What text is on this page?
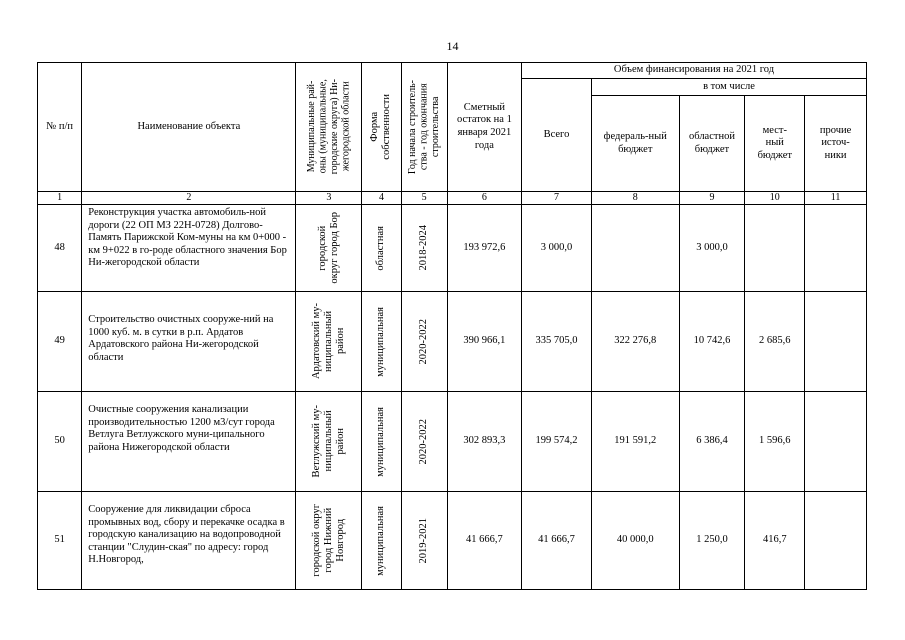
14
№ п/п	Наименование объекта	Муниципальные рай-
оны (муниципальные,
городские округа) Ни-
жегородской области	Форма
собственности	Год начала строитель-
ства - год окончания
строительства	Сметный остаток на 1 января 2021 года	Объем финансирования на 2021 год				
						Всего	в том числе			
							федераль-ный бюджет	областной бюджет	мест-ный бюджет	прочие источ-ники
1	2	3	4	5	6	7	8	9	10	11
48	Реконструкция участка автомобиль-ной дороги (22 ОП МЗ 22Н-0728) Долгово-Память Парижской Ком-муны на км 0+000 - км 9+022 в го-роде областного значения Бор Ни-жегородской области	городской
округ город Бор	областная	2018-2024	193 972,6	3 000,0		3 000,0		
49	Строительство очистных сооруже-ний на 1000 куб. м. в сутки в р.п. Ардатов Ардатовского района Ни-жегородской области	Ардатовский му-
ниципальный
район	муниципальная	2020-2022	390 966,1	335 705,0	322 276,8	10 742,6	2 685,6	
50	Очистные сооружения канализации производительностью 1200 м3/сут города Ветлуга Ветлужского муни-ципального района Нижегородской области	Ветлужский му-
ниципальный
район	муниципальная	2020-2022	302 893,3	199 574,2	191 591,2	6 386,4	1 596,6	
51	Сооружение для ликвидации сброса промывных вод, сбору и перекачке осадка в городскую канализацию на водопроводной станции "Слудин-ская" по адресу: город Н.Новгород,	городской округ
город Нижний
Новгород	муниципальная	2019-2021	41 666,7	41 666,7	40 000,0	1 250,0	416,7	
